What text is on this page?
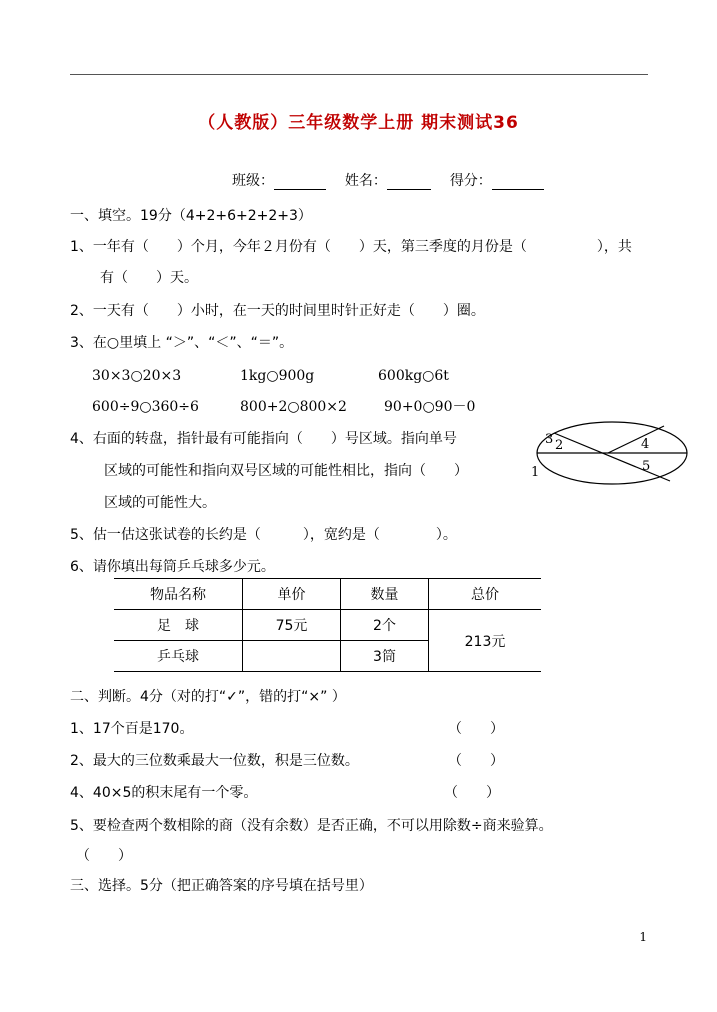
（人教版）三年级数学上册 期末测试36
班级：	姓名：	得分：
一、填空。19分（4+2+6+2+2+3）
1、一年有（　　）个月，今年２月份有（　　）天，第三季度的月份是（　　　　　），共
有（　　）天。
2、一天有（　　）小时，在一天的时间里时针正好走（　　）圈。
3、在○里填上 “＞”、“＜”、“＝”。
30×3○20×3	1kg○900g	600kg○6t
600÷9○360÷6	800+2○800×2	90+0○90－0
4、右面的转盘，指针最有可能指向（　　）号区域。指向单号
区域的可能性和指向双号区域的可能性相比，指向（　　）
区域的可能性大。
3 2	4
5
1
5、估一估这张试卷的长约是（　　　），宽约是（　　　　）。
6、请你填出每筒乒乓球多少元。
物品名称	单价	数量	总价
足　球	75元	2个	213元
乒乓球		3筒	
二、判断。4分（对的打“✓”，错的打“×” ）
1、17个百是170。	（　　）
2、最大的三位数乘最大一位数，积是三位数。	（　　）
4、40×5的积末尾有一个零。	（　　）
5、要检查两个数相除的商（没有余数）是否正确，不可以用除数÷商来验算。
（　　）
三、选择。5分（把正确答案的序号填在括号里）
1
